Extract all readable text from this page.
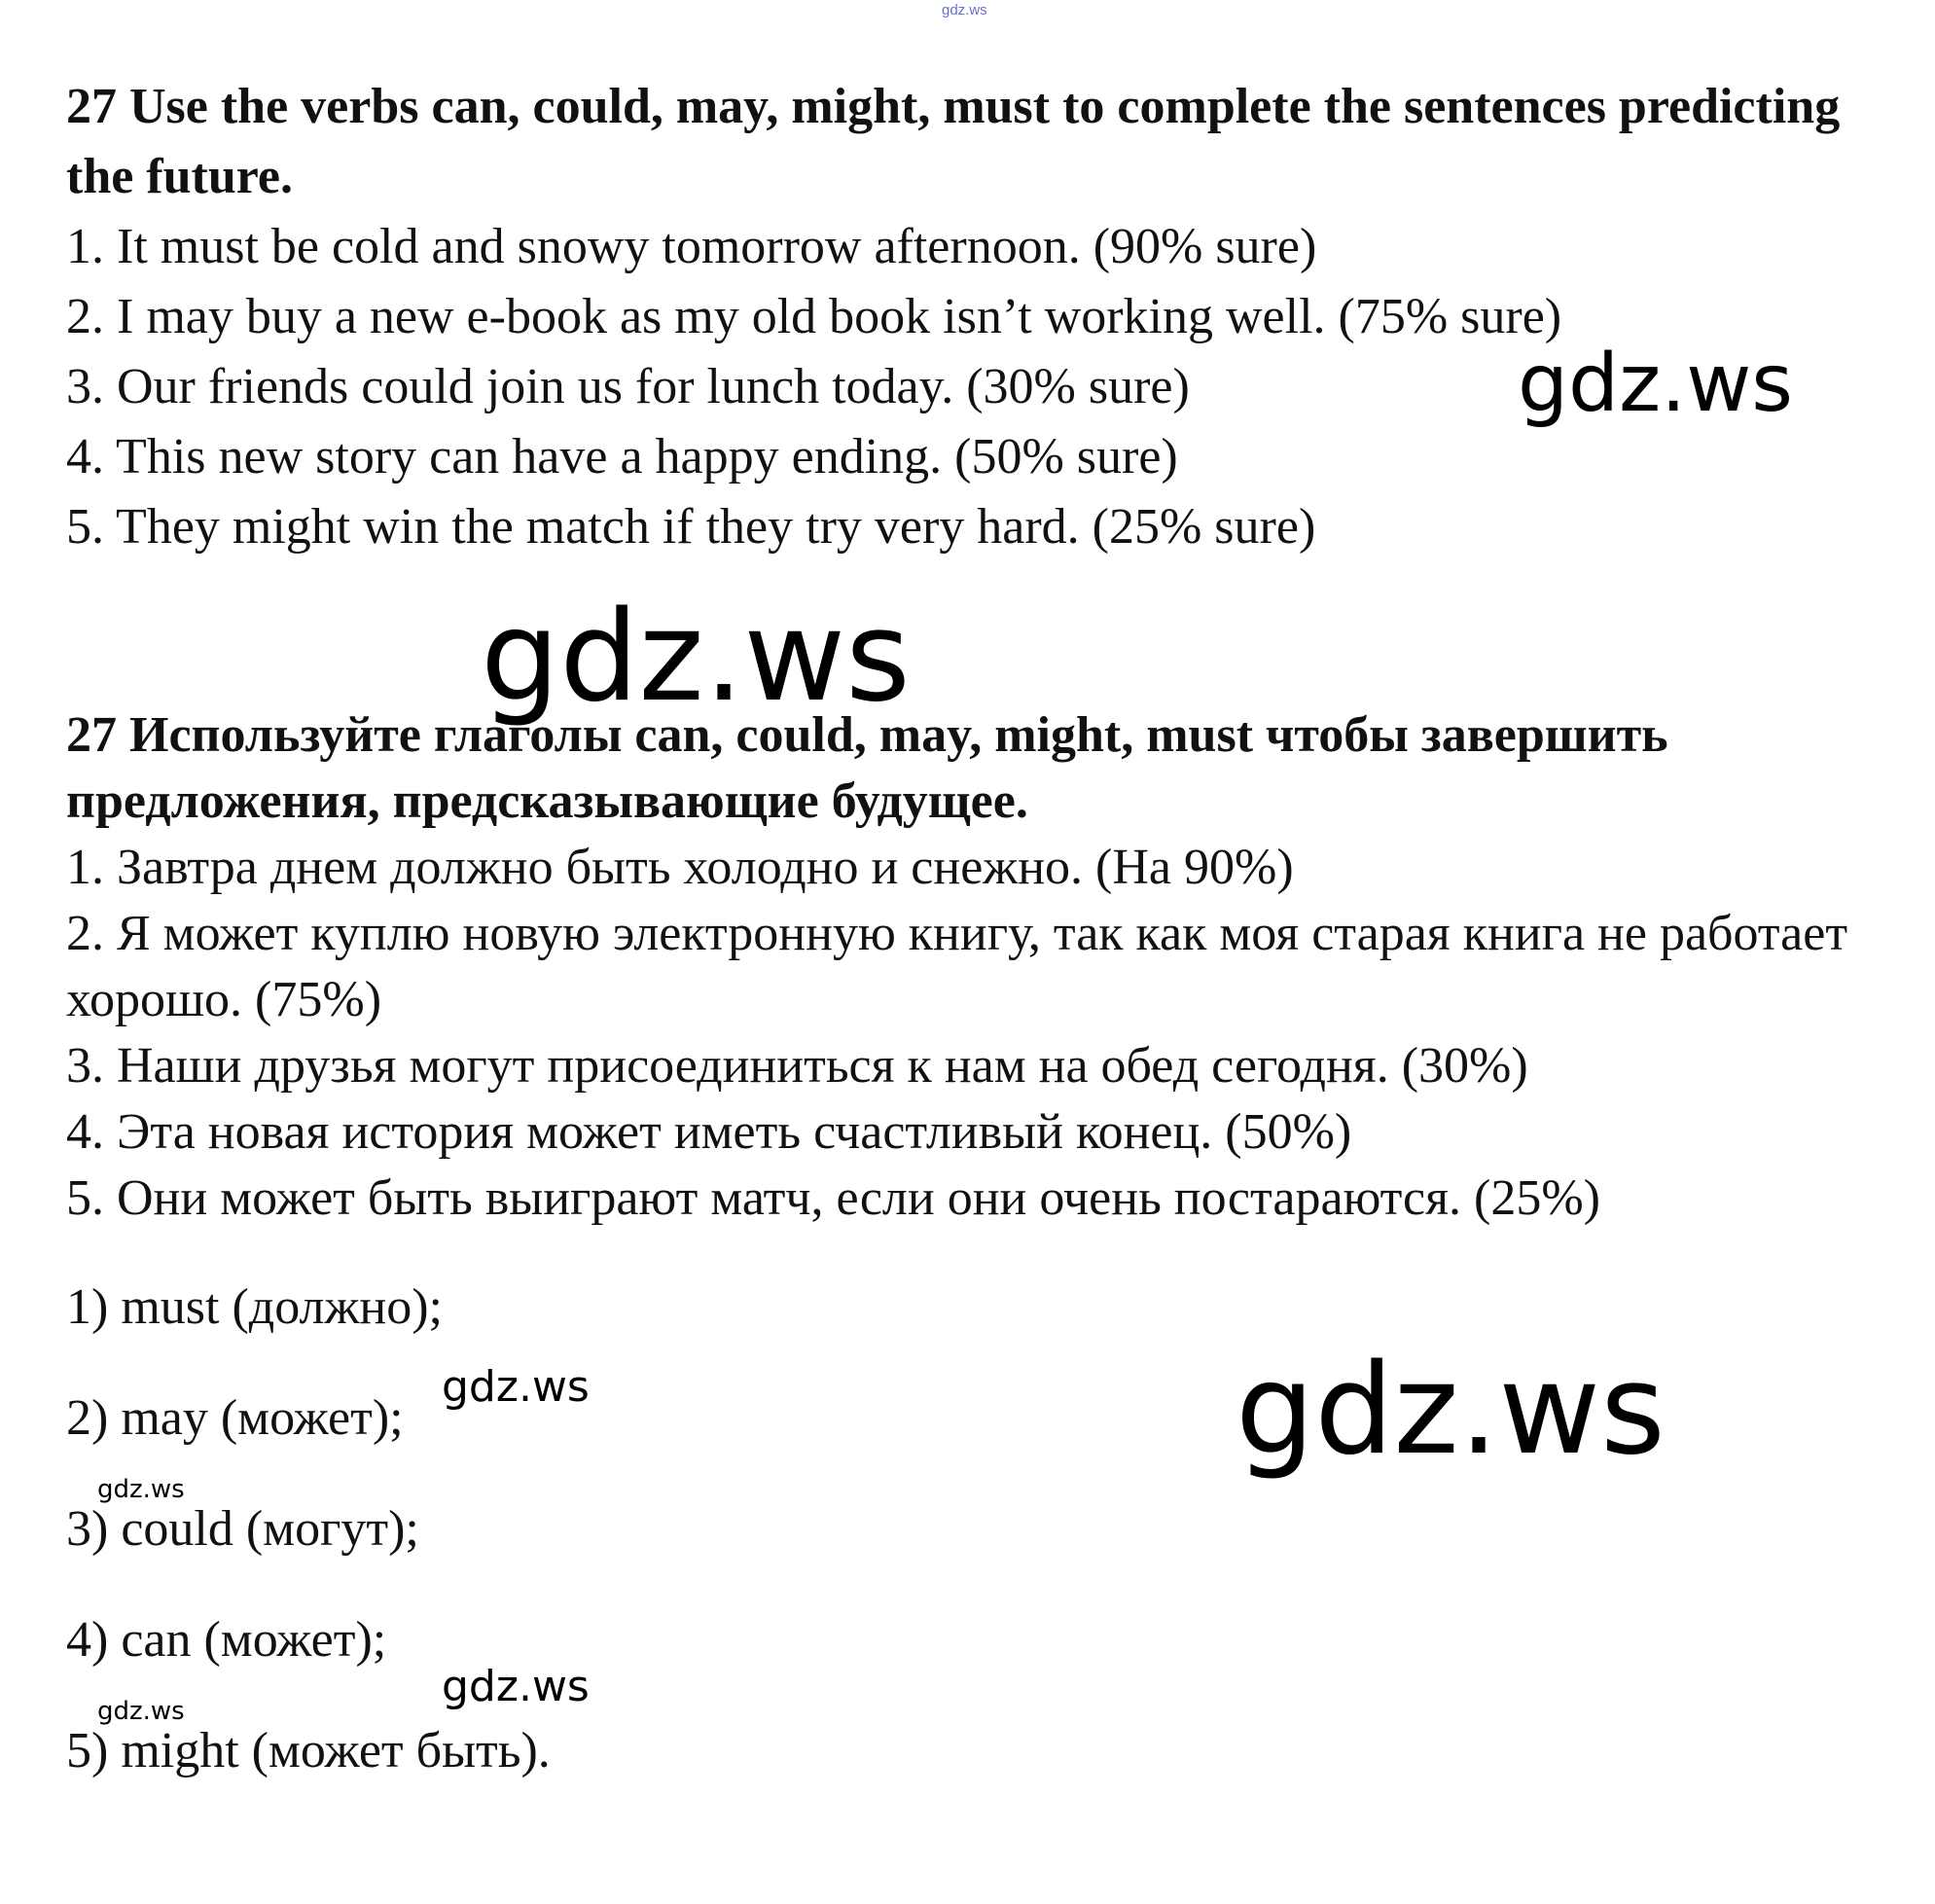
gdz.ws

27 Use the verbs can, could, may, might, must to complete the sentences predicting the future.

1. It must be cold and snowy tomorrow afternoon. (90% sure)

2. I may buy a new e-book as my old book isn’t working well. (75% sure)

3. Our friends could join us for lunch today. (30% sure)

4. This new story can have a happy ending. (50% sure)

5. They might win the match if they try very hard. (25% sure)

27 Используйте глаголы can, could, may, might, must чтобы завершить предложения, предсказывающие будущее.

1. Завтра днем должно быть холодно и снежно. (На 90%)

2. Я может куплю новую электронную книгу, так как моя старая книга не работает хорошо. (75%)

3. Наши друзья могут присоединиться к нам на обед сегодня. (30%)

4. Эта новая история может иметь счастливый конец. (50%)

5. Они может быть выиграют матч, если они очень постараются. (25%)

1) must (должно);
2) may (может);
3) could (могут);
4) can (может);
5) might (может быть).
gdz.ws
gdz.ws
gdz.ws
gdz.ws
gdz.ws
gdz.ws
gdz.ws
